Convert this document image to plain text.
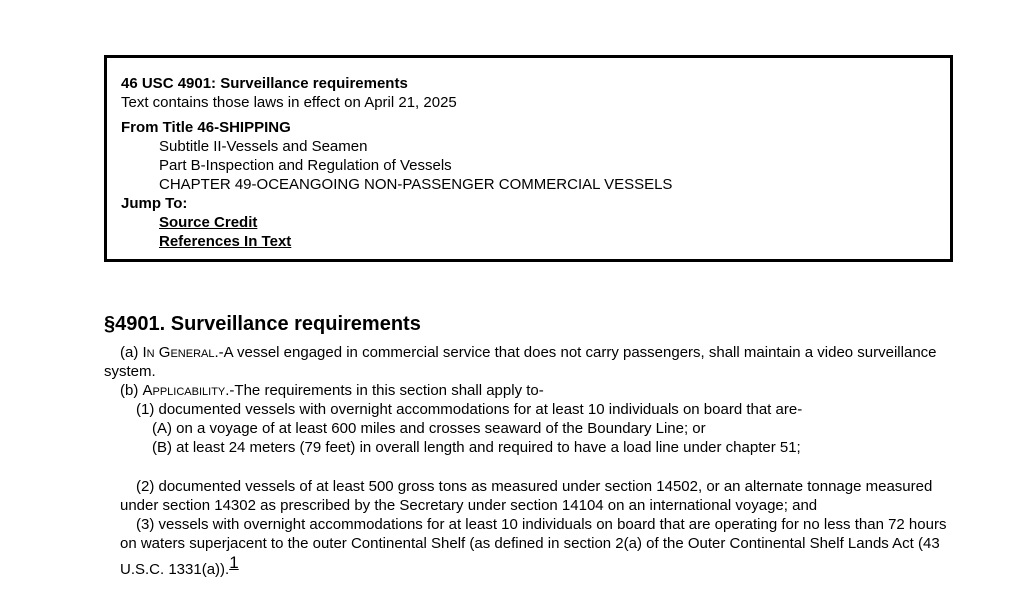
46 USC 4901: Surveillance requirements
Text contains those laws in effect on April 21, 2025
From Title 46-SHIPPING
Subtitle II-Vessels and Seamen
Part B-Inspection and Regulation of Vessels
CHAPTER 49-OCEANGOING NON-PASSENGER COMMERCIAL VESSELS
Jump To:
Source Credit
References In Text
§4901. Surveillance requirements

(a) In General.-A vessel engaged in commercial service that does not carry passengers, shall maintain a video surveillance system.

(b) Applicability.-The requirements in this section shall apply to-

(1) documented vessels with overnight accommodations for at least 10 individuals on board that are-

(A) on a voyage of at least 600 miles and crosses seaward of the Boundary Line; or

(B) at least 24 meters (79 feet) in overall length and required to have a load line under chapter 51;

(2) documented vessels of at least 500 gross tons as measured under section 14502, or an alternate tonnage measured under section 14302 as prescribed by the Secretary under section 14104 on an international voyage; and

(3) vessels with overnight accommodations for at least 10 individuals on board that are operating for no less than 72 hours on waters superjacent to the outer Continental Shelf (as defined in section 2(a) of the Outer Continental Shelf Lands Act (43 U.S.C. 1331(a)).1
